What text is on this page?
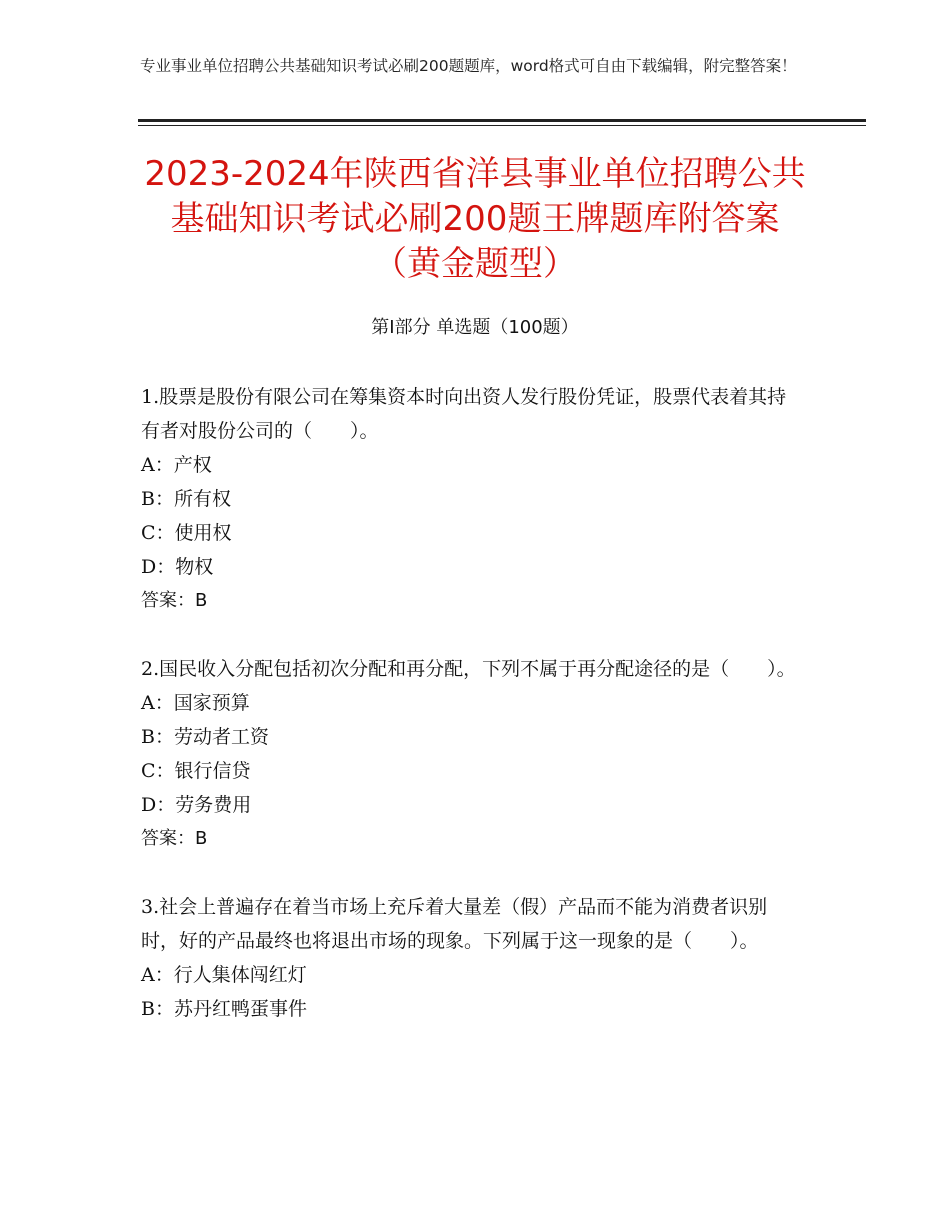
专业事业单位招聘公共基础知识考试必刷200题题库，word格式可自由下载编辑，附完整答案！
2023-2024年陕西省洋县事业单位招聘公共
基础知识考试必刷200题王牌题库附答案
（黄金题型）
第Ⅰ部分 单选题（100题）

1.股票是股份有限公司在筹集资本时向出资人发行股份凭证，股票代表着其持有者对股份公司的（　　）。

A：产权

B：所有权

C：使用权

D：物权

答案：B

2.国民收入分配包括初次分配和再分配，下列不属于再分配途径的是（　　）。

A：国家预算

B：劳动者工资

C：银行信贷

D：劳务费用

答案：B

3.社会上普遍存在着当市场上充斥着大量差（假）产品而不能为消费者识别时，好的产品最终也将退出市场的现象。下列属于这一现象的是（　　）。

A：行人集体闯红灯

B：苏丹红鸭蛋事件
